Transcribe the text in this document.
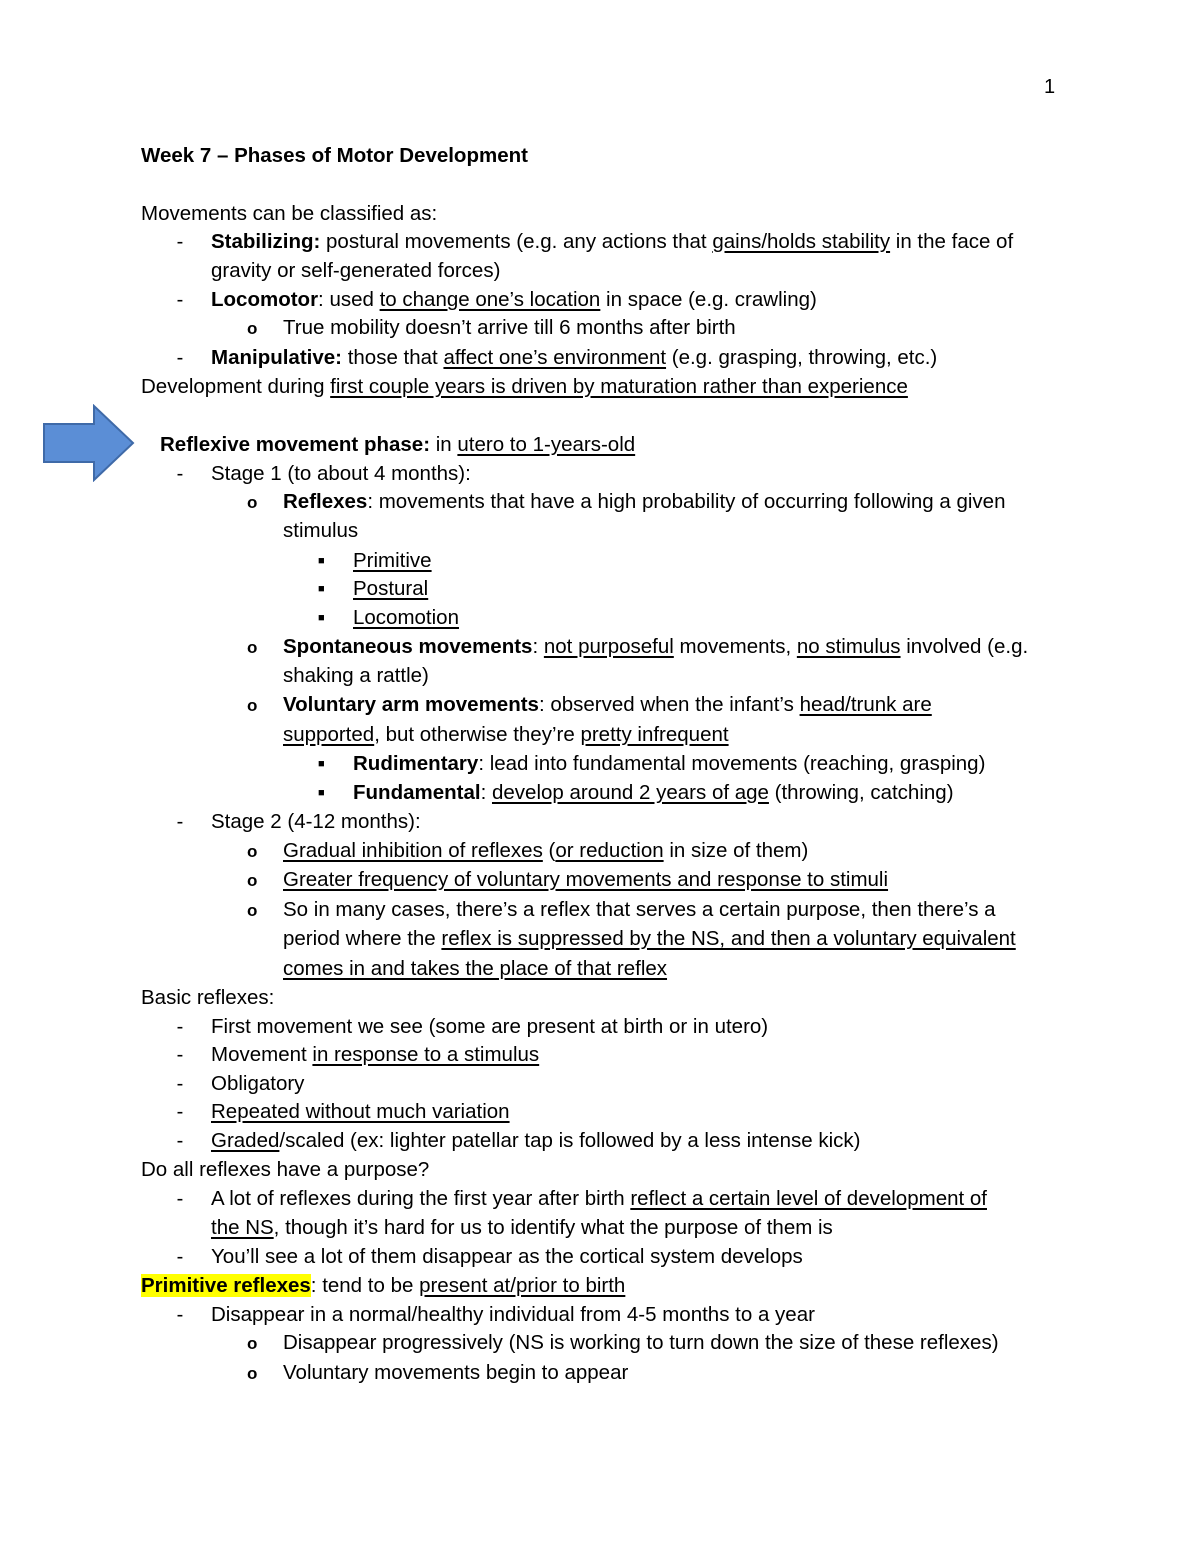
1
Week 7 – Phases of Motor Development
Movements can be classified as:
- Stabilizing: postural movements (e.g. any actions that gains/holds stability in the face of
gravity or self-generated forces)
- Locomotor: used to change one’s location in space (e.g. crawling)
o True mobility doesn’t arrive till 6 months after birth
- Manipulative: those that affect one’s environment (e.g. grasping, throwing, etc.)
Development during first couple years is driven by maturation rather than experience
Reflexive movement phase: in utero to 1-years-old
- Stage 1 (to about 4 months):
o Reflexes: movements that have a high probability of occurring following a given
stimulus
■ Primitive
■ Postural
■ Locomotion
o Spontaneous movements: not purposeful movements, no stimulus involved (e.g.
shaking a rattle)
o Voluntary arm movements: observed when the infant’s head/trunk are
supported, but otherwise they’re pretty infrequent
■ Rudimentary: lead into fundamental movements (reaching, grasping)
■ Fundamental: develop around 2 years of age (throwing, catching)
- Stage 2 (4-12 months):
o Gradual inhibition of reflexes (or reduction in size of them)
o Greater frequency of voluntary movements and response to stimuli
o So in many cases, there’s a reflex that serves a certain purpose, then there’s a
period where the reflex is suppressed by the NS, and then a voluntary equivalent
comes in and takes the place of that reflex
Basic reflexes:
- First movement we see (some are present at birth or in utero)
- Movement in response to a stimulus
- Obligatory
- Repeated without much variation
- Graded/scaled (ex: lighter patellar tap is followed by a less intense kick)
Do all reflexes have a purpose?
- A lot of reflexes during the first year after birth reflect a certain level of development of
the NS, though it’s hard for us to identify what the purpose of them is
- You’ll see a lot of them disappear as the cortical system develops
Primitive reflexes: tend to be present at/prior to birth
- Disappear in a normal/healthy individual from 4-5 months to a year
o Disappear progressively (NS is working to turn down the size of these reflexes)
o Voluntary movements begin to appear
